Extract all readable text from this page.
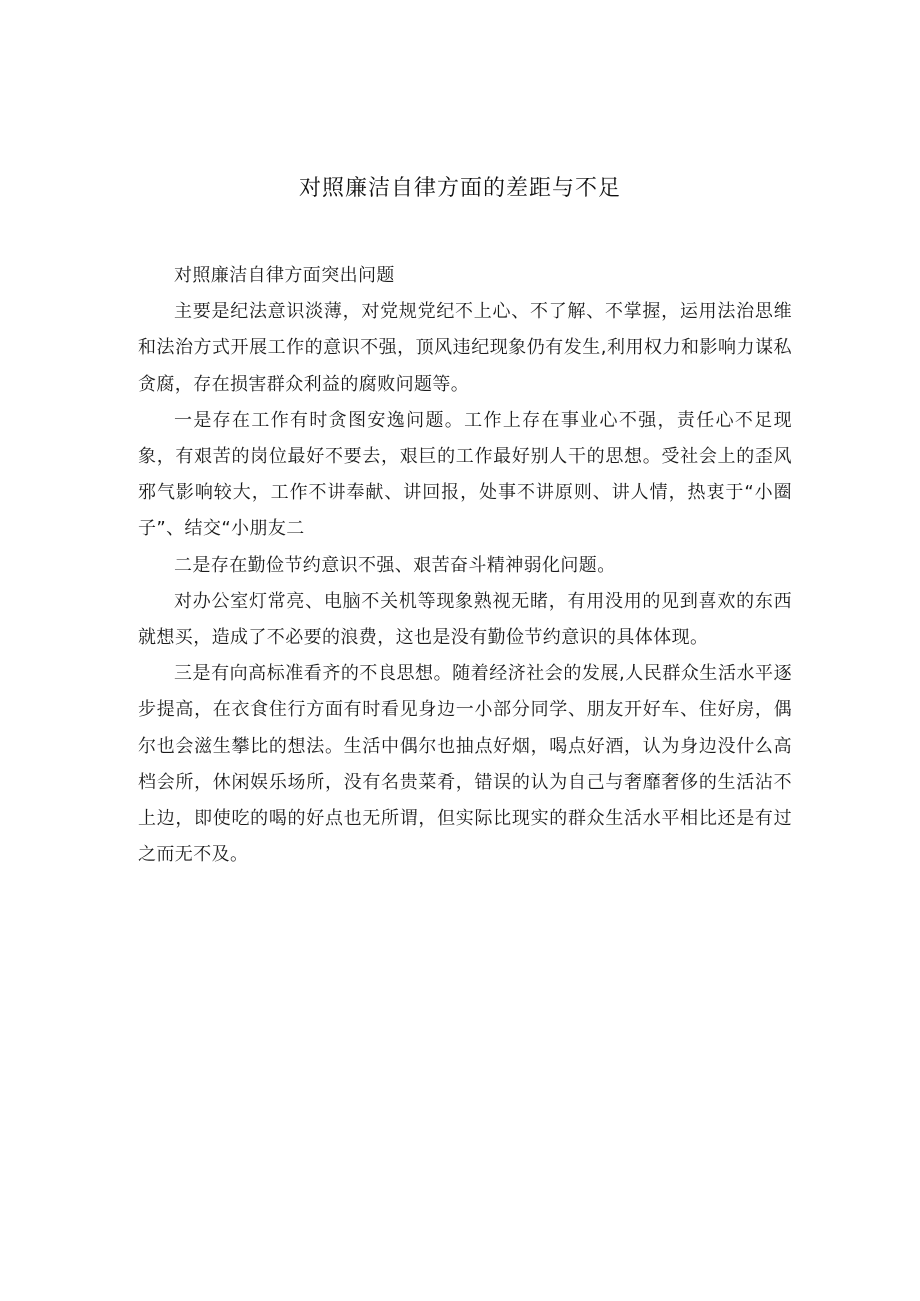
对照廉洁自律方面的差距与不足

对照廉洁自律方面突出问题

主要是纪法意识淡薄，对党规党纪不上心、不了解、不掌握，运用法治思维和法治方式开展工作的意识不强，顶风违纪现象仍有发生,利用权力和影响力谋私贪腐，存在损害群众利益的腐败问题等。

一是存在工作有时贪图安逸问题。工作上存在事业心不强，责任心不足现象，有艰苦的岗位最好不要去，艰巨的工作最好别人干的思想。受社会上的歪风邪气影响较大，工作不讲奉献、讲回报，处事不讲原则、讲人情，热衷于“小圈子”、结交“小朋友二

二是存在勤俭节约意识不强、艰苦奋斗精神弱化问题。

对办公室灯常亮、电脑不关机等现象熟视无睹，有用没用的见到喜欢的东西就想买，造成了不必要的浪费，这也是没有勤俭节约意识的具体体现。

三是有向高标准看齐的不良思想。随着经济社会的发展,人民群众生活水平逐步提高，在衣食住行方面有时看见身边一小部分同学、朋友开好车、住好房，偶尔也会滋生攀比的想法。生活中偶尔也抽点好烟，喝点好酒，认为身边没什么高档会所，休闲娱乐场所，没有名贵菜肴，错误的认为自己与奢靡奢侈的生活沾不上边，即使吃的喝的好点也无所谓，但实际比现实的群众生活水平相比还是有过之而无不及。
